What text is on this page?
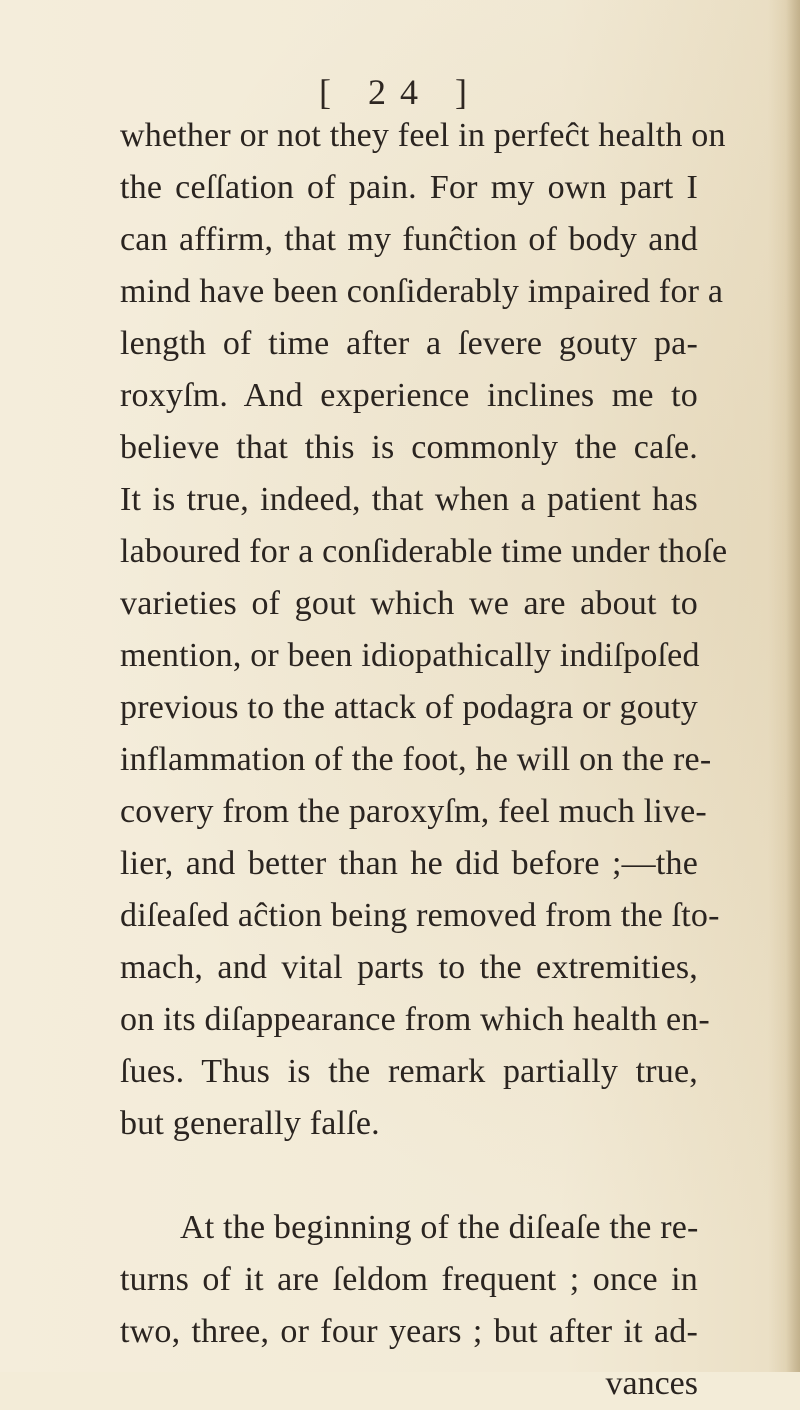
[ 24 ]
whether or not they feel in perfeĉt health on
the ceſſation of pain. For my own part I
can affirm, that my funĉtion of body and
mind have been conſiderably impaired for a
length of time after a ſevere gouty pa-
roxyſm. And experience inclines me to
believe that this is commonly the caſe.
It is true, indeed, that when a patient has
laboured for a conſiderable time under thoſe
varieties of gout which we are about to
mention, or been idiopathically indiſpoſed
previous to the attack of podagra or gouty
inflammation of the foot, he will on the re-
covery from the paroxyſm, feel much live-
lier, and better than he did before ;—the
diſeaſed aĉtion being removed from the ſto-
mach, and vital parts to the extremities,
on its diſappearance from which health en-
ſues. Thus is the remark partially true,
but generally falſe.
At the beginning of the diſeaſe the re-
turns of it are ſeldom frequent ; once in
two, three, or four years ; but after it ad-
vances
